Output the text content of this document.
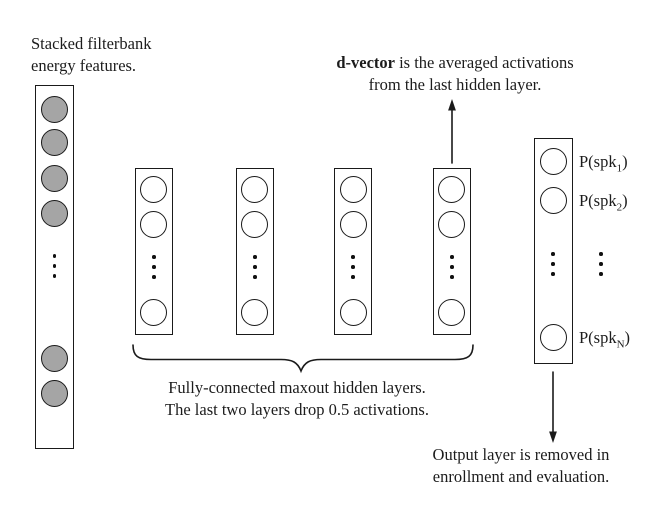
Stacked filterbank
energy features.	d-vector is the averaged activations
from the last hidden layer.
Fully-connected maxout hidden layers.
The last two layers drop 0.5 activations.
P(spk$_1$)
P(spk$_2$)
P(spk$_N$)
Output layer is removed in
enrollment and evaluation.
